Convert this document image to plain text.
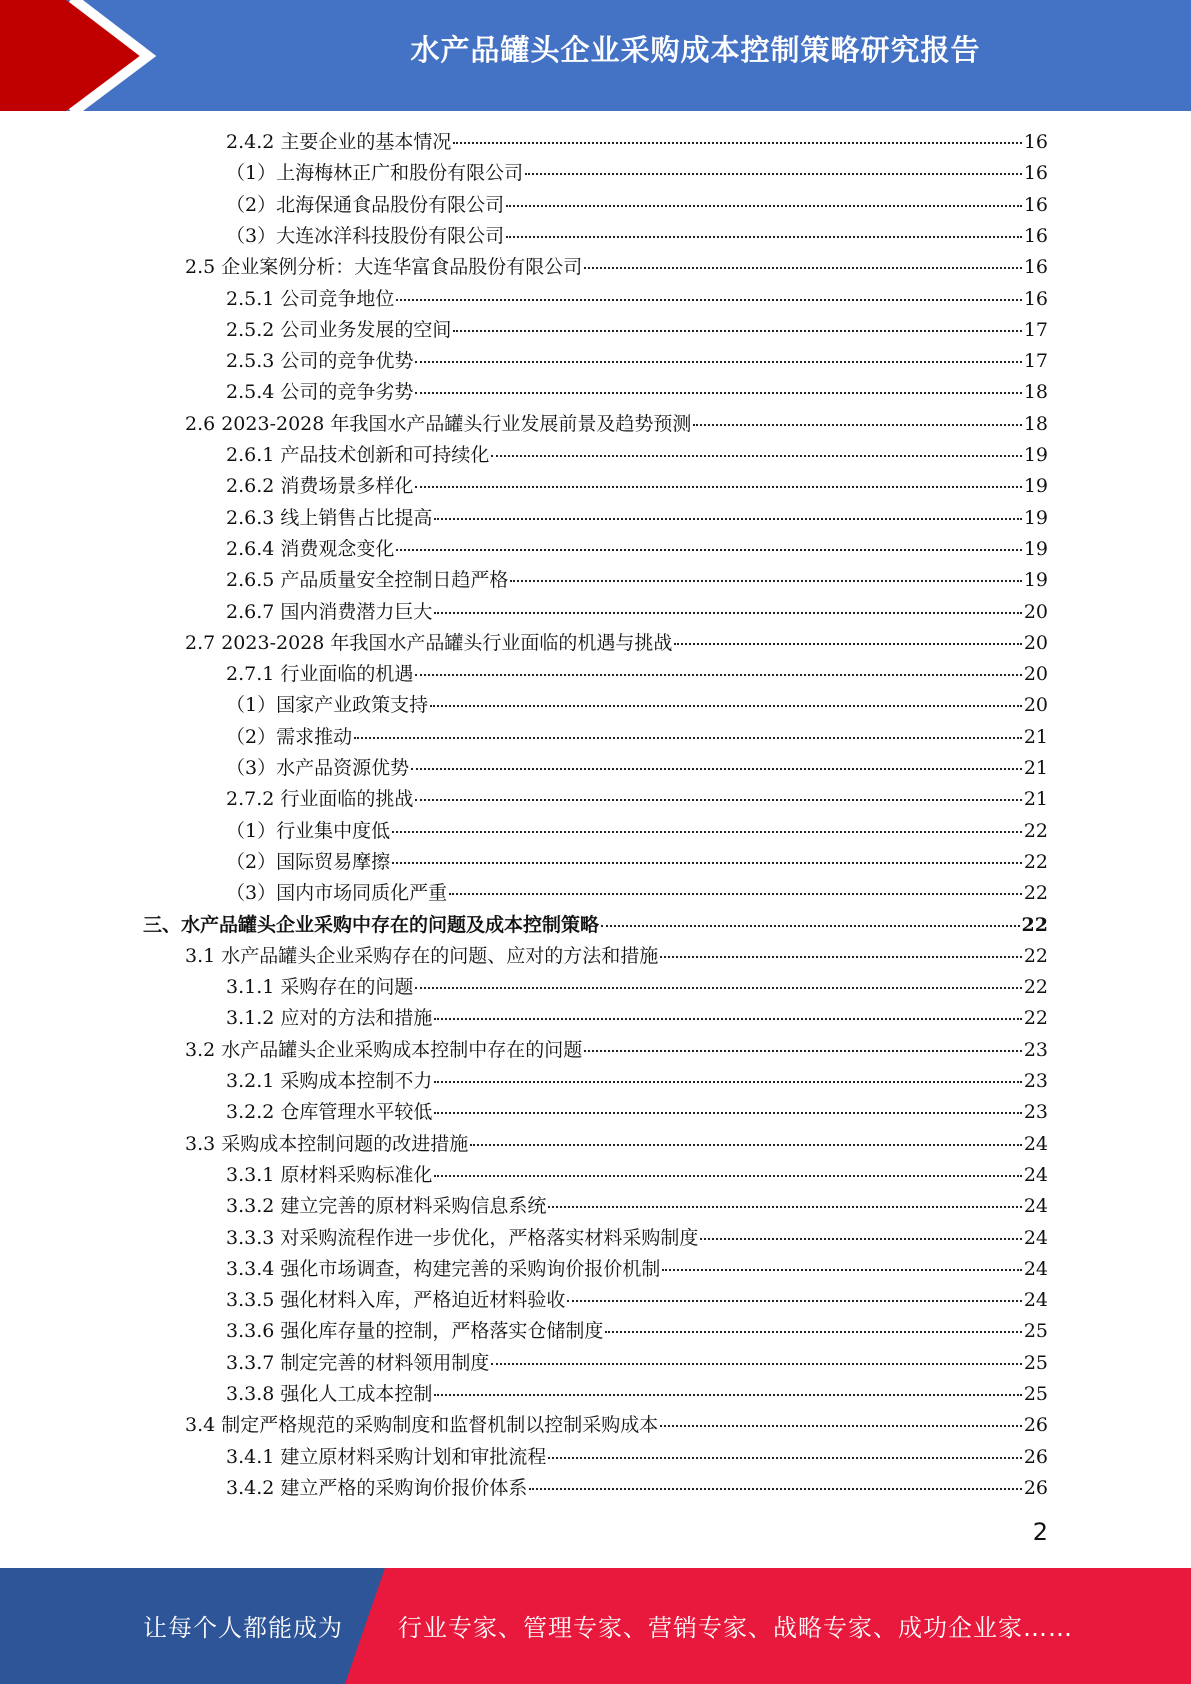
水产品罐头企业采购成本控制策略研究报告
2.4.2 主要企业的基本情况	16
（1）上海梅林正广和股份有限公司	16
（2）北海保通食品股份有限公司	16
（3）大连冰洋科技股份有限公司	16
2.5 企业案例分析：大连华富食品股份有限公司	16
2.5.1 公司竞争地位	16
2.5.2 公司业务发展的空间	17
2.5.3 公司的竞争优势	17
2.5.4 公司的竞争劣势	18
2.6 2023-2028 年我国水产品罐头行业发展前景及趋势预测	18
2.6.1 产品技术创新和可持续化	19
2.6.2 消费场景多样化	19
2.6.3 线上销售占比提高	19
2.6.4 消费观念变化	19
2.6.5 产品质量安全控制日趋严格	19
2.6.7 国内消费潜力巨大	20
2.7 2023-2028 年我国水产品罐头行业面临的机遇与挑战	20
2.7.1 行业面临的机遇	20
（1）国家产业政策支持	20
（2）需求推动	21
（3）水产品资源优势	21
2.7.2 行业面临的挑战	21
（1）行业集中度低	22
（2）国际贸易摩擦	22
（3）国内市场同质化严重	22
三、水产品罐头企业采购中存在的问题及成本控制策略	22
3.1 水产品罐头企业采购存在的问题、应对的方法和措施	22
3.1.1 采购存在的问题	22
3.1.2 应对的方法和措施	22
3.2 水产品罐头企业采购成本控制中存在的问题	23
3.2.1 采购成本控制不力	23
3.2.2 仓库管理水平较低	23
3.3 采购成本控制问题的改进措施	24
3.3.1 原材料采购标准化	24
3.3.2 建立完善的原材料采购信息系统	24
3.3.3 对采购流程作进一步优化，严格落实材料采购制度	24
3.3.4 强化市场调查，构建完善的采购询价报价机制	24
3.3.5 强化材料入库，严格迫近材料验收	24
3.3.6 强化库存量的控制，严格落实仓储制度	25
3.3.7 制定完善的材料领用制度	25
3.3.8 强化人工成本控制	25
3.4 制定严格规范的采购制度和监督机制以控制采购成本	26
3.4.1 建立原材料采购计划和审批流程	26
3.4.2 建立严格的采购询价报价体系	26
2
让每个人都能成为 行业专家、管理专家、营销专家、战略专家、成功企业家……
